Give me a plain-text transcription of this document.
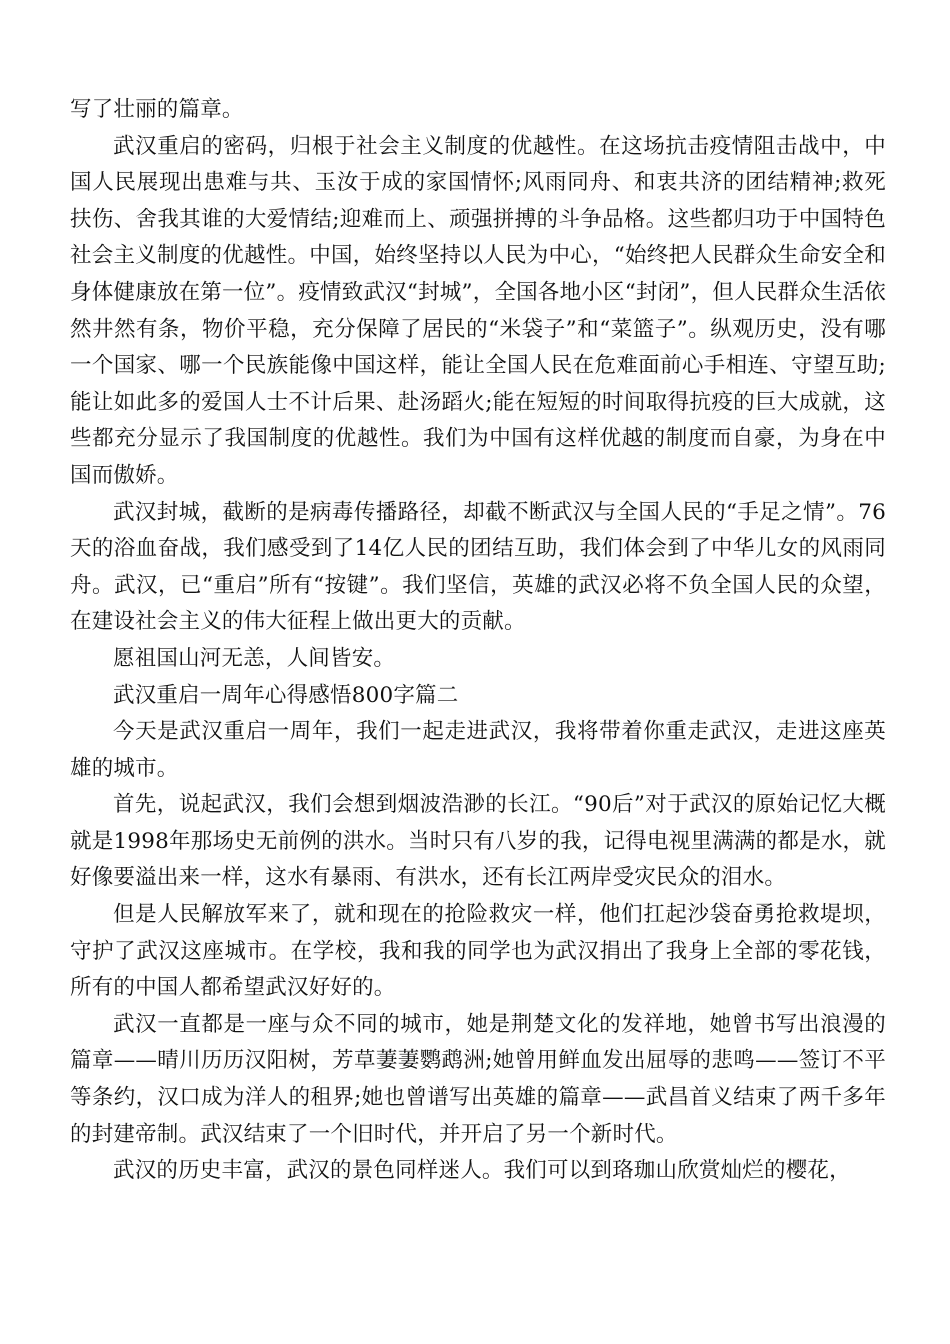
写了壮丽的篇章。

武汉重启的密码，归根于社会主义制度的优越性。在这场抗击疫情阻击战中，中国人民展现出患难与共、玉汝于成的家国情怀;风雨同舟、和衷共济的团结精神;救死扶伤、舍我其谁的大爱情结;迎难而上、顽强拼搏的斗争品格。这些都归功于中国特色社会主义制度的优越性。中国，始终坚持以人民为中心，“始终把人民群众生命安全和身体健康放在第一位”。疫情致武汉“封城”，全国各地小区“封闭”，但人民群众生活依然井然有条，物价平稳，充分保障了居民的“米袋子”和“菜篮子”。纵观历史，没有哪一个国家、哪一个民族能像中国这样，能让全国人民在危难面前心手相连、守望互助;能让如此多的爱国人士不计后果、赴汤蹈火;能在短短的时间取得抗疫的巨大成就，这些都充分显示了我国制度的优越性。我们为中国有这样优越的制度而自豪，为身在中国而傲娇。

武汉封城，截断的是病毒传播路径，却截不断武汉与全国人民的“手足之情”。76天的浴血奋战，我们感受到了14亿人民的团结互助，我们体会到了中华儿女的风雨同舟。武汉，已“重启”所有“按键”。我们坚信，英雄的武汉必将不负全国人民的众望，在建设社会主义的伟大征程上做出更大的贡献。

愿祖国山河无恙，人间皆安。

武汉重启一周年心得感悟800字篇二

今天是武汉重启一周年，我们一起走进武汉，我将带着你重走武汉，走进这座英雄的城市。

首先，说起武汉，我们会想到烟波浩渺的长江。“90后”对于武汉的原始记忆大概就是1998年那场史无前例的洪水。当时只有八岁的我，记得电视里满满的都是水，就好像要溢出来一样，这水有暴雨、有洪水，还有长江两岸受灾民众的泪水。

但是人民解放军来了，就和现在的抢险救灾一样，他们扛起沙袋奋勇抢救堤坝，守护了武汉这座城市。在学校，我和我的同学也为武汉捐出了我身上全部的零花钱，所有的中国人都希望武汉好好的。

武汉一直都是一座与众不同的城市，她是荆楚文化的发祥地，她曾书写出浪漫的篇章——晴川历历汉阳树，芳草萋萋鹦鹉洲;她曾用鲜血发出屈辱的悲鸣——签订不平等条约，汉口成为洋人的租界;她也曾谱写出英雄的篇章——武昌首义结束了两千多年的封建帝制。武汉结束了一个旧时代，并开启了另一个新时代。

武汉的历史丰富，武汉的景色同样迷人。我们可以到珞珈山欣赏灿烂的樱花，
